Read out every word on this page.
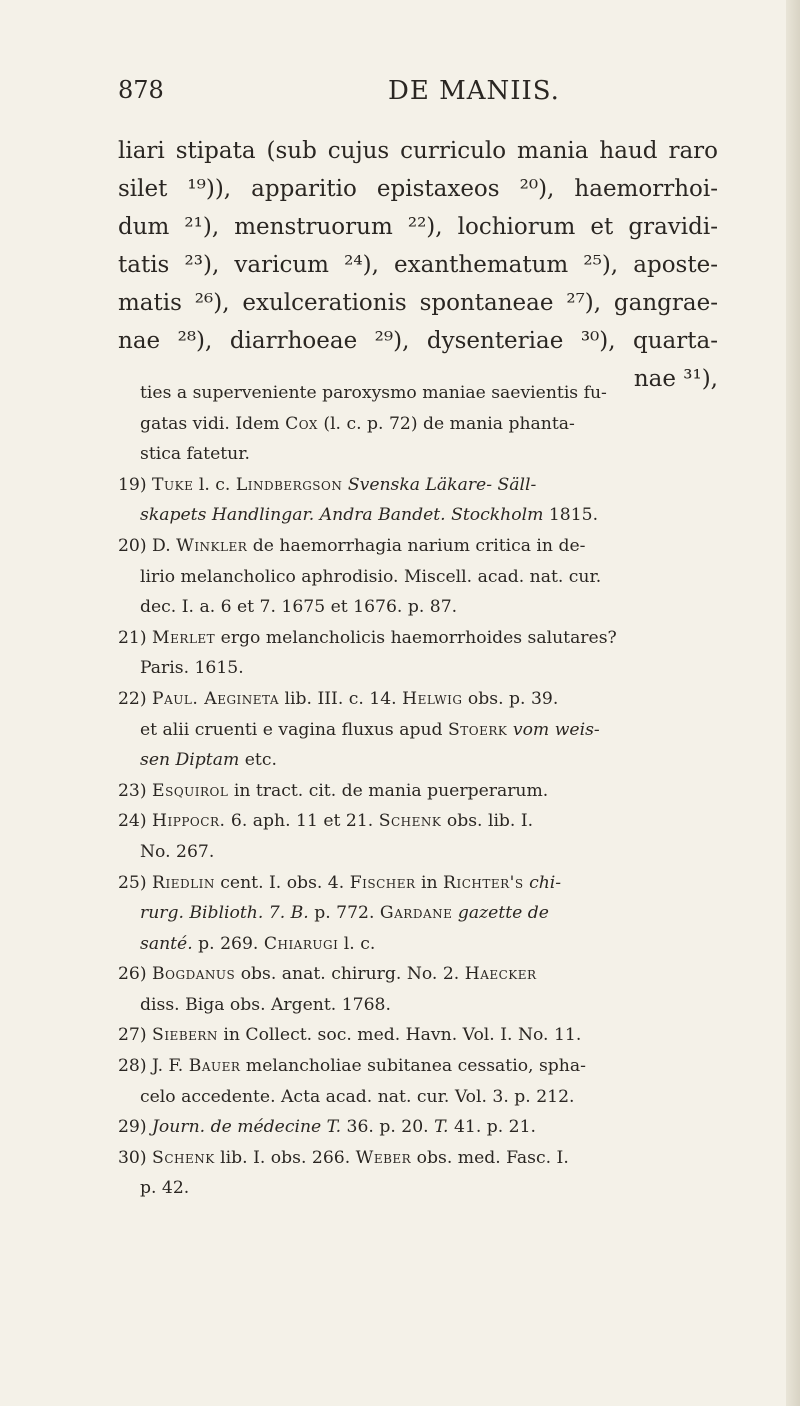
878	DE MANIIS.
liari stipata (sub cujus curriculo mania haud raro
silet ¹⁹)), apparitio epistaxeos ²⁰), haemorrhoi-
dum ²¹), menstruorum ²²), lochiorum et gravidi-
tatis ²³), varicum ²⁴), exanthematum ²⁵), aposte-
matis ²⁶), exulcerationis spontaneae ²⁷), gangrae-
nae ²⁸), diarrhoeae ²⁹), dysenteriae ³⁰), quarta-
nae ³¹),
ties a superveniente paroxysmo maniae saevientis fu-
gatas vidi. Idem Cox (l. c. p. 72) de mania phanta-
stica fatetur.
19) Tuke l. c. Lindbergson Svenska Läkare- Säll-
skapets Handlingar. Andra Bandet. Stockholm 1815.
20) D. Winkler de haemorrhagia narium critica in de-
lirio melancholico aphrodisio. Miscell. acad. nat. cur.
dec. I. a. 6 et 7. 1675 et 1676. p. 87.
21) Merlet ergo melancholicis haemorrhoides salutares?
Paris. 1615.
22) Paul. Aegineta lib. III. c. 14. Helwig obs. p. 39.
et alii cruenti e vagina fluxus apud Stoerk vom weis-
sen Diptam etc.
23) Esquirol in tract. cit. de mania puerperarum.
24) Hippocr. 6. aph. 11 et 21. Schenk obs. lib. I.
No. 267.
25) Riedlin cent. I. obs. 4. Fischer in Richter's chi-
rurg. Biblioth. 7. B. p. 772. Gardane gazette de
santé. p. 269. Chiarugi l. c.
26) Bogdanus obs. anat. chirurg. No. 2. Haecker
diss. Biga obs. Argent. 1768.
27) Siebern in Collect. soc. med. Havn. Vol. I. No. 11.
28) J. F. Bauer melancholiae subitanea cessatio, spha-
celo accedente. Acta acad. nat. cur. Vol. 3. p. 212.
29) Journ. de médecine T. 36. p. 20. T. 41. p. 21.
30) Schenk lib. I. obs. 266. Weber obs. med. Fasc. I.
p. 42.
